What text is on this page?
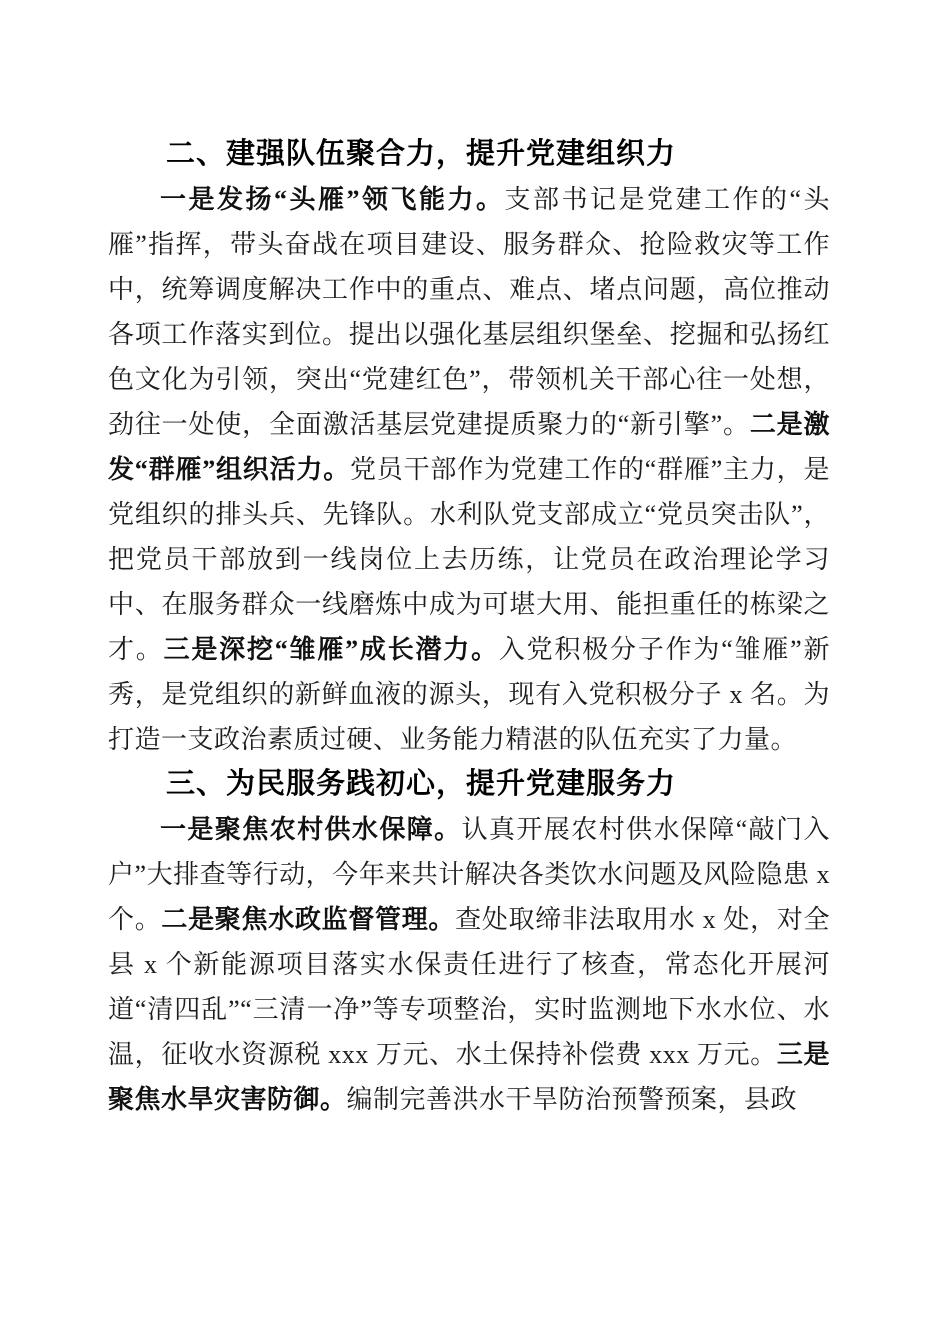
二、建强队伍聚合力，提升党建组织力

一是发扬“头雁”领飞能力。支部书记是党建工作的“头雁”指挥，带头奋战在项目建设、服务群众、抢险救灾等工作中，统筹调度解决工作中的重点、难点、堵点问题，高位推动各项工作落实到位。提出以强化基层组织堡垒、挖掘和弘扬红色文化为引领，突出“党建红色”，带领机关干部心往一处想，劲往一处使，全面激活基层党建提质聚力的“新引擎”。二是激发“群雁”组织活力。党员干部作为党建工作的“群雁”主力，是党组织的排头兵、先锋队。水利队党支部成立“党员突击队”，把党员干部放到一线岗位上去历练，让党员在政治理论学习中、在服务群众一线磨炼中成为可堪大用、能担重任的栋梁之才。三是深挖“雏雁”成长潜力。入党积极分子作为“雏雁”新秀，是党组织的新鲜血液的源头，现有入党积极分子 x 名。为打造一支政治素质过硬、业务能力精湛的队伍充实了力量。

三、为民服务践初心，提升党建服务力

一是聚焦农村供水保障。认真开展农村供水保障“敲门入户”大排查等行动，今年来共计解决各类饮水问题及风险隐患 x 个。二是聚焦水政监督管理。查处取缔非法取用水 x 处，对全县 x 个新能源项目落实水保责任进行了核查，常态化开展河道“清四乱”“三清一净”等专项整治，实时监测地下水水位、水温，征收水资源税 xxx 万元、水土保持补偿费 xxx 万元。三是聚焦水旱灾害防御。编制完善洪水干旱防治预警预案，县政
